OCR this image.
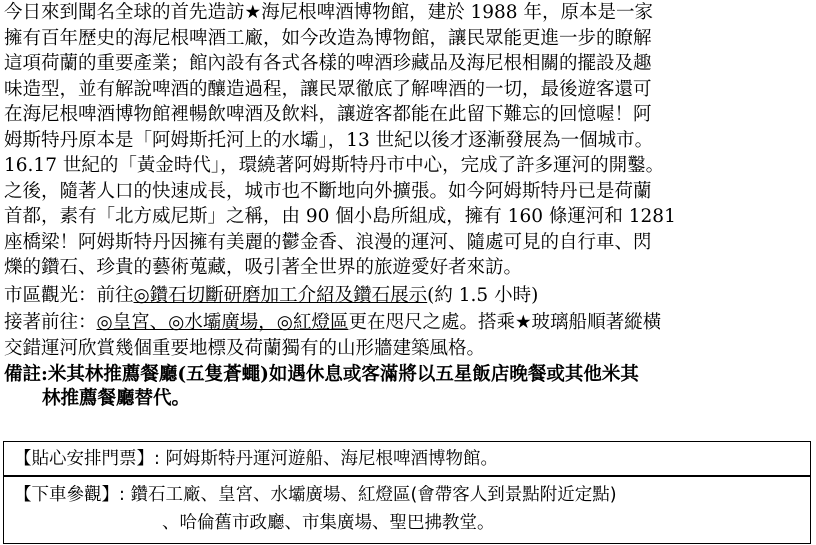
今日來到聞名全球的首先造訪★海尼根啤酒博物館，建於 1988 年，原本是一家
擁有百年歷史的海尼根啤酒工廠，如今改造為博物館，讓民眾能更進一步的瞭解
這項荷蘭的重要產業；館內設有各式各樣的啤酒珍藏品及海尼根相關的擺設及趣
味造型，並有解說啤酒的釀造過程，讓民眾徹底了解啤酒的一切，最後遊客還可
在海尼根啤酒博物館裡暢飲啤酒及飲料，讓遊客都能在此留下難忘的回憶喔！阿
姆斯特丹原本是「阿姆斯托河上的水壩」，13 世紀以後才逐漸發展為一個城市。
16.17 世紀的「黃金時代」，環繞著阿姆斯特丹市中心，完成了許多運河的開鑿。
之後，隨著人口的快速成長，城市也不斷地向外擴張。如今阿姆斯特丹已是荷蘭
首都，素有「北方威尼斯」之稱，由 90 個小島所組成，擁有 160 條運河和 1281
座橋梁！阿姆斯特丹因擁有美麗的鬱金香、浪漫的運河、隨處可見的自行車、閃
爍的鑽石、珍貴的藝術蒐藏，吸引著全世界的旅遊愛好者來訪。
市區觀光：前往◎鑽石切斷研磨加工介紹及鑽石展示(約 1.5 小時)
接著前往：◎皇宮、◎水壩廣場，◎紅燈區更在咫尺之處。搭乘★玻璃船順著縱橫
交錯運河欣賞幾個重要地標及荷蘭獨有的山形牆建築風格。
備註:米其林推薦餐廳(五隻蒼蠅)如遇休息或客滿將以五星飯店晚餐或其他米其
林推薦餐廳替代。
【貼心安排門票】: 阿姆斯特丹運河遊船、海尼根啤酒博物館。
【下車參觀】: 鑽石工廠、皇宮、水壩廣場、紅燈區(會帶客人到景點附近定點)
、哈倫舊市政廳、市集廣場、聖巴拂教堂。
